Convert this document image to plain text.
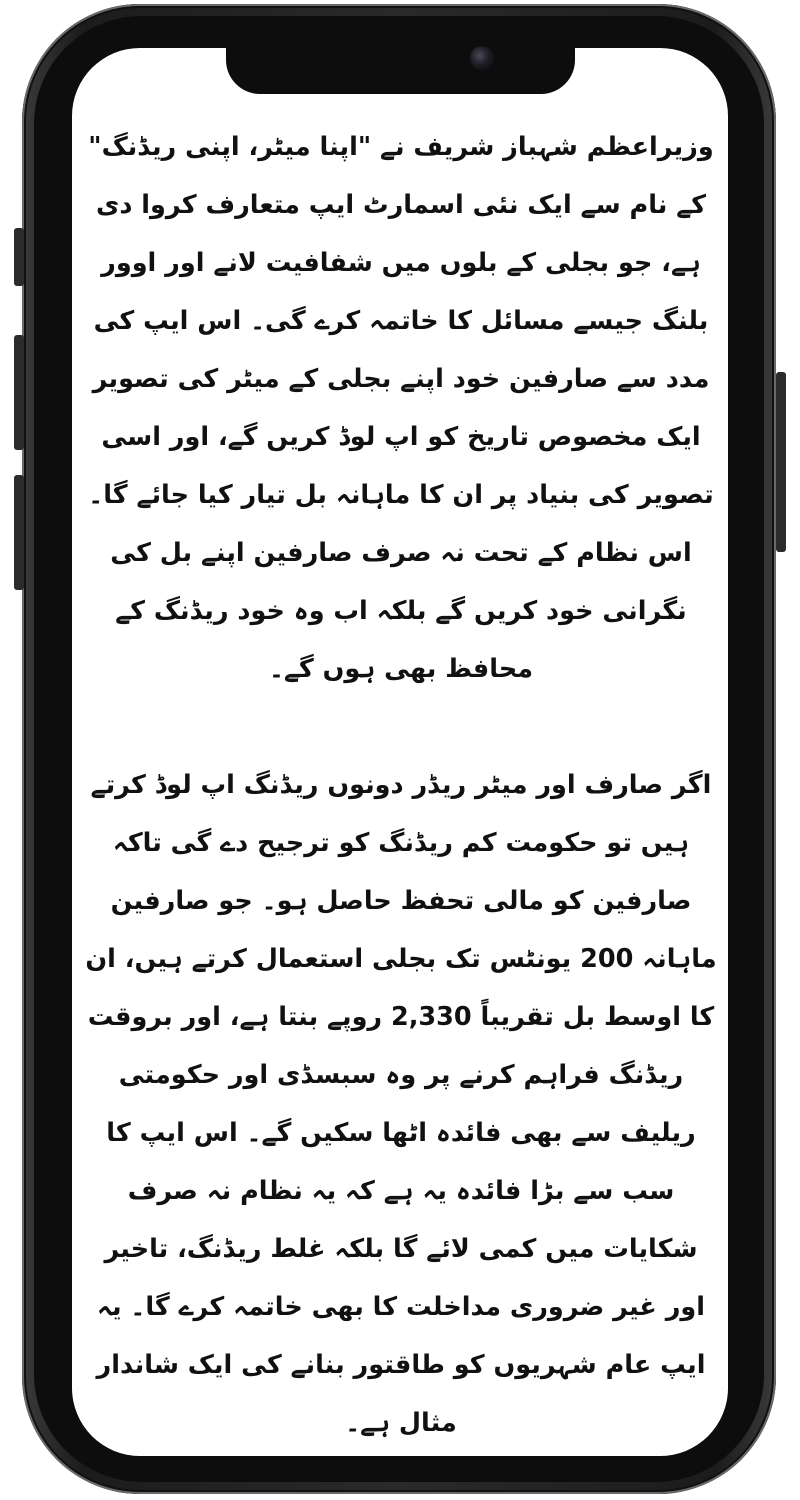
وزیراعظم شہباز شریف نے "اپنا میٹر، اپنی ریڈنگ" کے نام سے ایک نئی اسمارٹ ایپ متعارف کروا دی ہے، جو بجلی کے بلوں میں شفافیت لانے اور اوور بلنگ جیسے مسائل کا خاتمہ کرے گی۔ اس ایپ کی مدد سے صارفین خود اپنے بجلی کے میٹر کی تصویر ایک مخصوص تاریخ کو اپ لوڈ کریں گے، اور اسی تصویر کی بنیاد پر ان کا ماہانہ بل تیار کیا جائے گا۔ اس نظام کے تحت نہ صرف صارفین اپنے بل کی نگرانی خود کریں گے بلکہ اب وہ خود ریڈنگ کے محافظ بھی ہوں گے۔

اگر صارف اور میٹر ریڈر دونوں ریڈنگ اپ لوڈ کرتے ہیں تو حکومت کم ریڈنگ کو ترجیح دے گی تاکہ صارفین کو مالی تحفظ حاصل ہو۔ جو صارفین ماہانہ 200 یونٹس تک بجلی استعمال کرتے ہیں، ان کا اوسط بل تقریباً 2,330 روپے بنتا ہے، اور بروقت ریڈنگ فراہم کرنے پر وہ سبسڈی اور حکومتی ریلیف سے بھی فائدہ اٹھا سکیں گے۔ اس ایپ کا سب سے بڑا فائدہ یہ ہے کہ یہ نظام نہ صرف شکایات میں کمی لائے گا بلکہ غلط ریڈنگ، تاخیر اور غیر ضروری مداخلت کا بھی خاتمہ کرے گا۔ یہ ایپ عام شہریوں کو طاقتور بنانے کی ایک شاندار مثال ہے۔
